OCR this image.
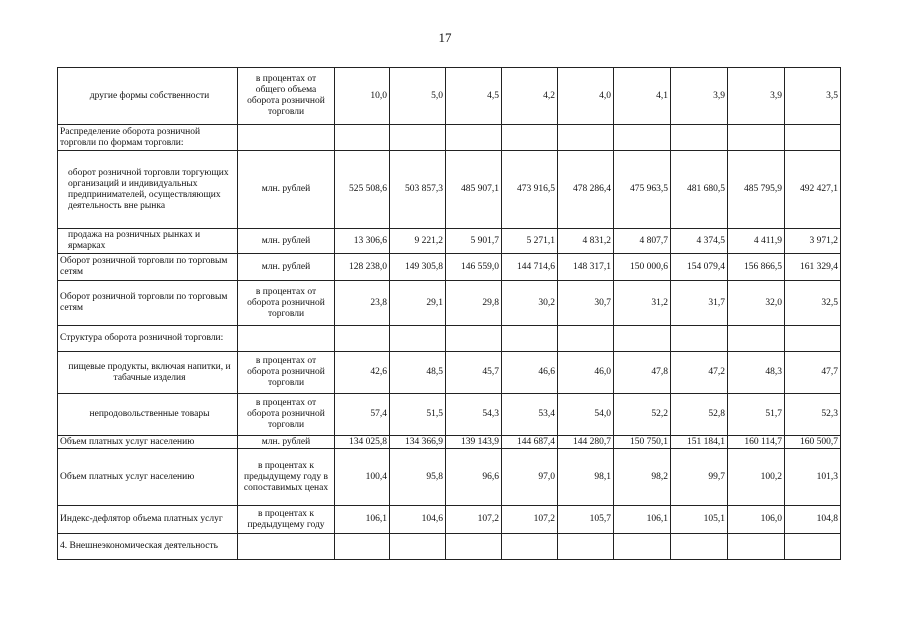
17
другие формы собственности	в процентах от общего объема оборота розничной торговли	10,0	5,0	4,5	4,2	4,0	4,1	3,9	3,9	3,5
Распределение оборота розничной торговли по формам торговли:										
оборот розничной торговли торгующих организаций и индивидуальных предпринимателей, осуществляющих деятельность вне рынка	млн. рублей	525 508,6	503 857,3	485 907,1	473 916,5	478 286,4	475 963,5	481 680,5	485 795,9	492 427,1
продажа на розничных рынках и ярмарках	млн. рублей	13 306,6	9 221,2	5 901,7	5 271,1	4 831,2	4 807,7	4 374,5	4 411,9	3 971,2
Оборот розничной торговли по торговым сетям	млн. рублей	128 238,0	149 305,8	146 559,0	144 714,6	148 317,1	150 000,6	154 079,4	156 866,5	161 329,4
Оборот розничной торговли по торговым сетям	в процентах от оборота розничной торговли	23,8	29,1	29,8	30,2	30,7	31,2	31,7	32,0	32,5
Структура оборота розничной торговли:										
пищевые продукты, включая напитки, и табачные изделия	в процентах от оборота розничной торговли	42,6	48,5	45,7	46,6	46,0	47,8	47,2	48,3	47,7
непродовольственные товары	в процентах от оборота розничной торговли	57,4	51,5	54,3	53,4	54,0	52,2	52,8	51,7	52,3
Объем платных услуг населению	млн. рублей	134 025,8	134 366,9	139 143,9	144 687,4	144 280,7	150 750,1	151 184,1	160 114,7	160 500,7
Объем платных услуг населению	в процентах к предыдущему году в сопоставимых ценах	100,4	95,8	96,6	97,0	98,1	98,2	99,7	100,2	101,3
Индекс-дефлятор объема платных услуг	в процентах к предыдущему году	106,1	104,6	107,2	107,2	105,7	106,1	105,1	106,0	104,8
4. Внешнеэкономическая деятельность										
